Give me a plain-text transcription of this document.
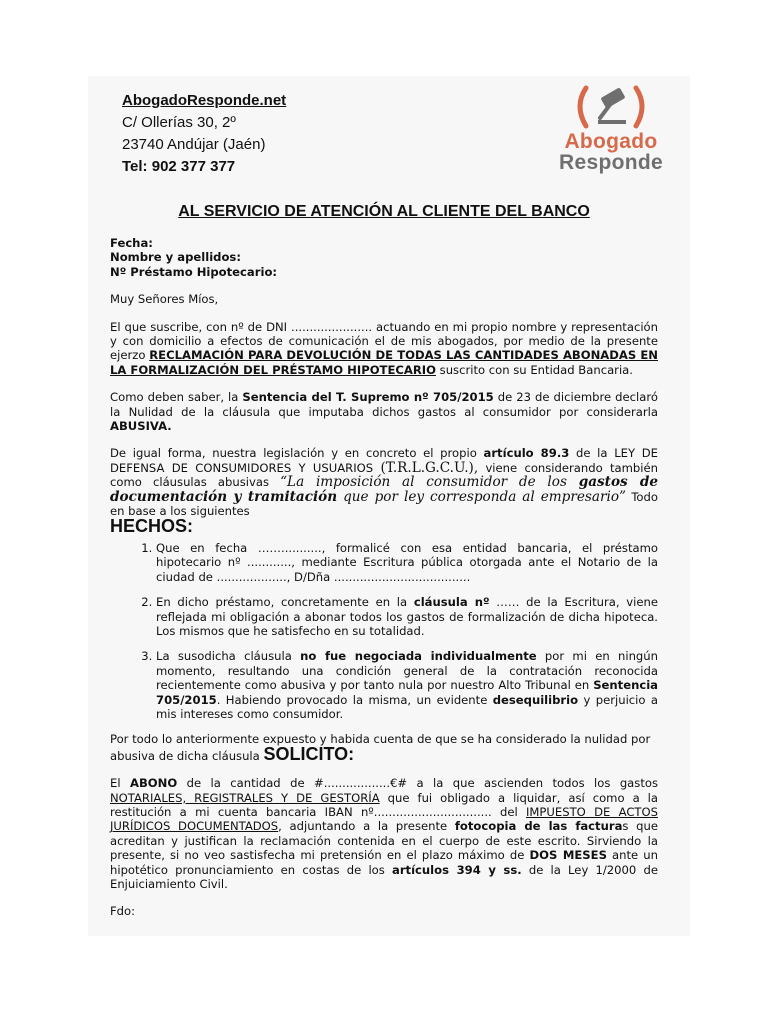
AbogadoResponde.net
C/ Ollerías 30, 2º
23740 Andújar (Jaén)
Tel: 902 377 377
Abogado
Responde
AL SERVICIO DE ATENCIÓN AL CLIENTE DEL BANCO
Fecha:
Nombre y apellidos:
Nº Préstamo Hipotecario:

Muy Señores Míos,

El que suscribe, con nº de DNI ...................... actuando en mi propio nombre y representación y con domicilio a efectos de comunicación el de mis abogados, por medio de la presente ejerzo RECLAMACIÓN PARA DEVOLUCIÓN DE TODAS LAS CANTIDADES ABONADAS EN LA FORMALIZACIÓN DEL PRÉSTAMO HIPOTECARIO suscrito con su Entidad Bancaria.

Como deben saber, la Sentencia del T. Supremo nº 705/2015 de 23 de diciembre declaró la Nulidad de la cláusula que imputaba dichos gastos al consumidor por considerarla ABUSIVA.

De igual forma, nuestra legislación y en concreto el propio artículo 89.3 de la LEY DE DEFENSA DE CONSUMIDORES Y USUARIOS (T.R.L.G.C.U.), viene considerando también como cláusulas abusivas “La imposición al consumidor de los gastos de documentación y tramitación que por ley corresponda al empresario” Todo en base a los siguientes

HECHOS:
1. Que en fecha ……..........., formalicé con esa entidad bancaria, el préstamo hipotecario nº ............, mediante Escritura pública otorgada ante el Notario de la ciudad de ..................., D/Dña .....................................
2. En dicho préstamo, concretamente en la cláusula nº …… de la Escritura, viene reflejada mi obligación a abonar todos los gastos de formalización de dicha hipoteca. Los mismos que he satisfecho en su totalidad.
3. La susodicha cláusula no fue negociada individualmente por mi en ningún momento, resultando una condición general de la contratación reconocida recientemente como abusiva y por tanto nula por nuestro Alto Tribunal en Sentencia 705/2015. Habiendo provocado la misma, un evidente desequilibrio y perjuicio a mis intereses como consumidor.

Por todo lo anteriormente expuesto y habida cuenta de que se ha considerado la nulidad por abusiva de dicha cláusula SOLICITO:

El ABONO de la cantidad de #..................€# a la que ascienden todos los gastos NOTARIALES, REGISTRALES Y DE GESTORÍA que fui obligado a liquidar, así como a la restitución a mi cuenta bancaria IBAN nº................................ del IMPUESTO DE ACTOS JURÍDICOS DOCUMENTADOS, adjuntando a la presente fotocopia de las facturas que acreditan y justifican la reclamación contenida en el cuerpo de este escrito. Sirviendo la presente, si no veo sastisfecha mi pretensión en el plazo máximo de DOS MESES ante un hipotético pronunciamiento en costas de los artículos 394 y ss. de la Ley 1/2000 de Enjuiciamiento Civil.

Fdo:
